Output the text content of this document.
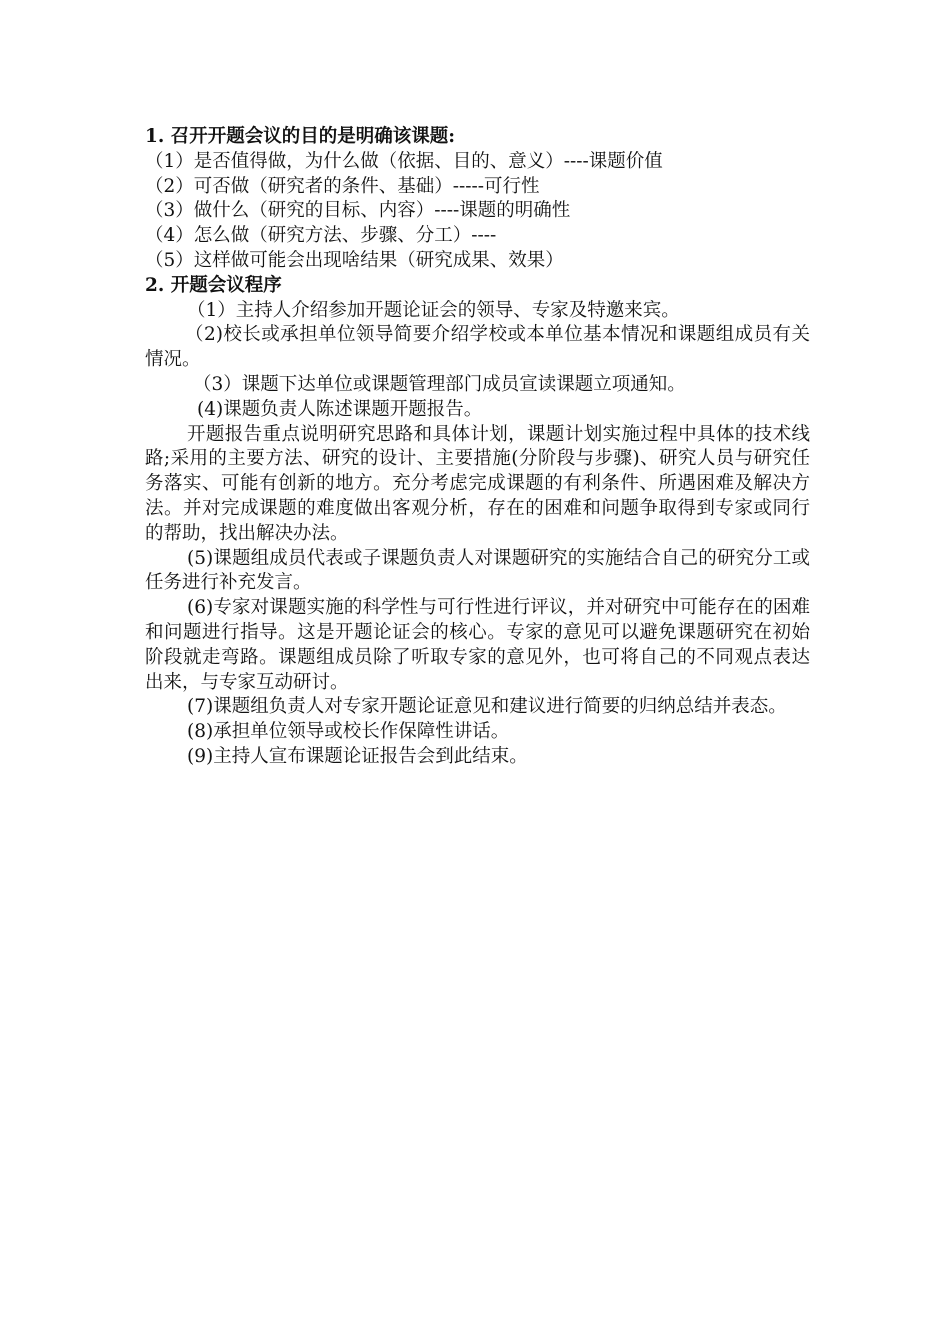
1. 召开开题会议的目的是明确该课题:

（1）是否值得做，为什么做（依据、目的、意义）----课题价值

（2）可否做（研究者的条件、基础）-----可行性

（3）做什么（研究的目标、内容）----课题的明确性

（4）怎么做（研究方法、步骤、分工）----

（5）这样做可能会出现啥结果（研究成果、效果）

2. 开题会议程序

（1）主持人介绍参加开题论证会的领导、专家及特邀来宾。

（2)校长或承担单位领导简要介绍学校或本单位基本情况和课题组成员有关情况。

（3）课题下达单位或课题管理部门成员宣读课题立项通知。

(4)课题负责人陈述课题开题报告。

开题报告重点说明研究思路和具体计划，课题计划实施过程中具体的技术线路;采用的主要方法、研究的设计、主要措施(分阶段与步骤)、研究人员与研究任务落实、可能有创新的地方。充分考虑完成课题的有利条件、所遇困难及解决方法。并对完成课题的难度做出客观分析，存在的困难和问题争取得到专家或同行的帮助，找出解决办法。

(5)课题组成员代表或子课题负责人对课题研究的实施结合自己的研究分工或任务进行补充发言。

(6)专家对课题实施的科学性与可行性进行评议，并对研究中可能存在的困难和问题进行指导。这是开题论证会的核心。专家的意见可以避免课题研究在初始阶段就走弯路。课题组成员除了听取专家的意见外，也可将自己的不同观点表达出来，与专家互动研讨。

(7)课题组负责人对专家开题论证意见和建议进行简要的归纳总结并表态。

(8)承担单位领导或校长作保障性讲话。

(9)主持人宣布课题论证报告会到此结束。
